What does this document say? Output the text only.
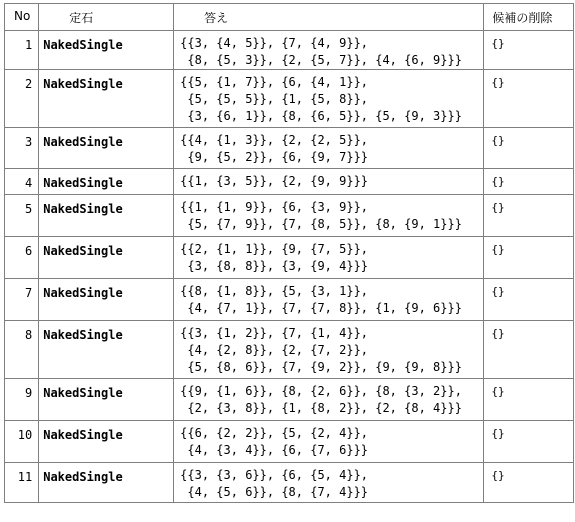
No	定石	答え	候補の削除

1	NakedSingle	{{3, {4, 5}}, {7, {4, 9}},
{8, {5, 3}}, {2, {5, 7}}, {4, {6, 9}}}	{}

2	NakedSingle	{{5, {1, 7}}, {6, {4, 1}},
{5, {5, 5}}, {1, {5, 8}},
{3, {6, 1}}, {8, {6, 5}}, {5, {9, 3}}}	{}

3	NakedSingle	{{4, {1, 3}}, {2, {2, 5}},
{9, {5, 2}}, {6, {9, 7}}}	{}

4	NakedSingle	{{1, {3, 5}}, {2, {9, 9}}}	{}

5	NakedSingle	{{1, {1, 9}}, {6, {3, 9}},
{5, {7, 9}}, {7, {8, 5}}, {8, {9, 1}}}	{}

6	NakedSingle	{{2, {1, 1}}, {9, {7, 5}},
{3, {8, 8}}, {3, {9, 4}}}	{}

7	NakedSingle	{{8, {1, 8}}, {5, {3, 1}},
{4, {7, 1}}, {7, {7, 8}}, {1, {9, 6}}}	{}

8	NakedSingle	{{3, {1, 2}}, {7, {1, 4}},
{4, {2, 8}}, {2, {7, 2}},
{5, {8, 6}}, {7, {9, 2}}, {9, {9, 8}}}	{}

9	NakedSingle	{{9, {1, 6}}, {8, {2, 6}}, {8, {3, 2}},
{2, {3, 8}}, {1, {8, 2}}, {2, {8, 4}}}	{}

10	NakedSingle	{{6, {2, 2}}, {5, {2, 4}},
{4, {3, 4}}, {6, {7, 6}}}	{}

11	NakedSingle	{{3, {3, 6}}, {6, {5, 4}},
{4, {5, 6}}, {8, {7, 4}}}	{}
